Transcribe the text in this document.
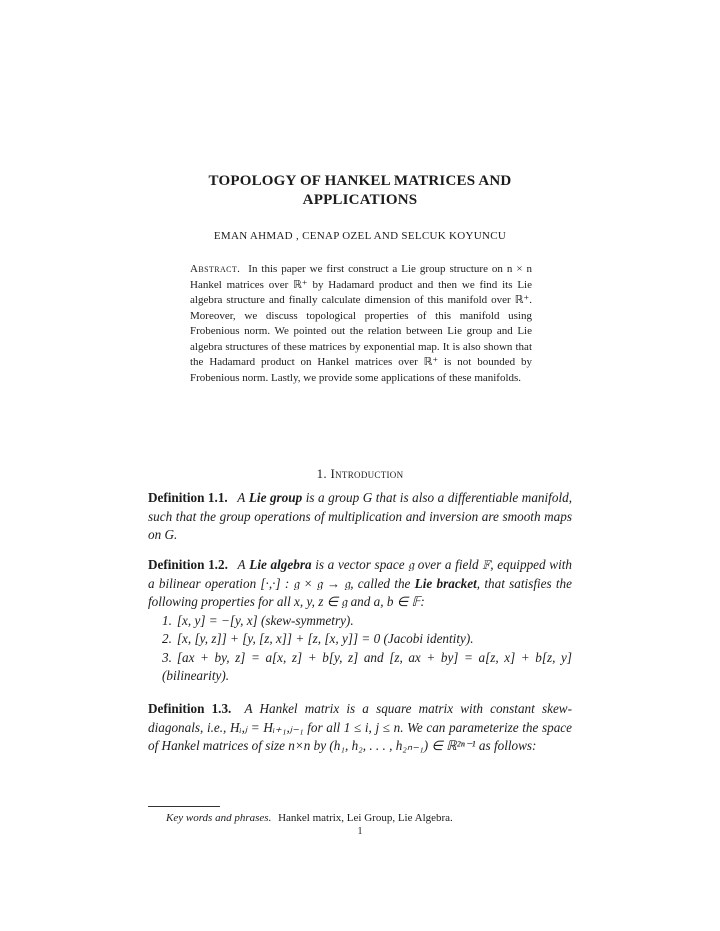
TOPOLOGY OF HANKEL MATRICES AND
APPLICATIONS
EMAN AHMAD , CENAP OZEL AND SELCUK KOYUNCU
Abstract. In this paper we first construct a Lie group structure on n × n Hankel matrices over ℝ⁺ by Hadamard product and then we find its Lie algebra structure and finally calculate dimension of this manifold over ℝ⁺. Moreover, we discuss topological properties of this manifold using Frobenious norm. We pointed out the relation between Lie group and Lie algebra structures of these matrices by exponential map. It is also shown that the Hadamard product on Hankel matrices over ℝ⁺ is not bounded by Frobenious norm. Lastly, we provide some applications of these manifolds.
1. Introduction
Definition 1.1. A Lie group is a group G that is also a differentiable manifold, such that the group operations of multiplication and inversion are smooth maps on G.
Definition 1.2. A Lie algebra is a vector space 𝔤 over a field 𝔽, equipped with a bilinear operation [·,·] : 𝔤 × 𝔤 → 𝔤, called the Lie bracket, that satisfies the following properties for all x, y, z ∈ 𝔤 and a, b ∈ 𝔽:
1. [x, y] = −[y, x] (skew-symmetry).
2. [x, [y, z]] + [y, [z, x]] + [z, [x, y]] = 0 (Jacobi identity).
3. [ax + by, z] = a[x, z] + b[y, z] and [z, ax + by] = a[z, x] + b[z, y] (bilinearity).
Definition 1.3. A Hankel matrix is a square matrix with constant skew-diagonals, i.e., Hᵢ,ⱼ = Hᵢ₊₁,ⱼ₋₁ for all 1 ≤ i, j ≤ n. We can parameterize the space of Hankel matrices of size n×n by (h₁, h₂, . . . , h₂ₙ₋₁) ∈ ℝ²ⁿ⁻¹ as follows:
Key words and phrases. Hankel matrix, Lei Group, Lie Algebra.
1
